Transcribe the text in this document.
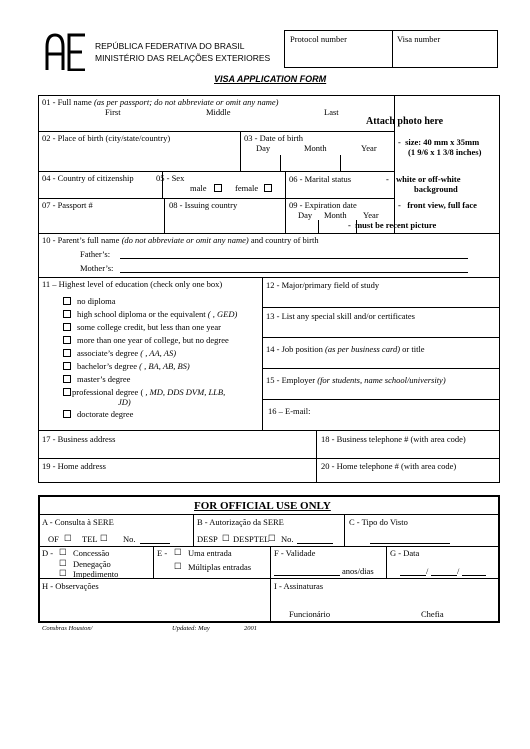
REPÚBLICA FEDERATIVA DO BRASIL
MINISTÉRIO DAS RELAÇÕES EXTERIORES
Protocol number	Visa number
VISA APPLICATION FORM
01 - Full name (as per passport; do not abbreviate or omit any name)
First	Middle	Last
Attach photo here
-  size: 40 mm x 35mm
(1 9/6 x 1 3/8 inches)
- white or off-white
background
-   front view, full face
-  must be recent picture
02 - Place of birth (city/state/country)	03 - Date of birth
Day	Month	Year
04 - Country of citizenship	05 - Sex
male	female
06 - Marital status
07 - Passport #	08 - Issuing country	09 - Expiration date
Day Month Year
10 - Parent’s full name (do not abbreviate or omit any name) and country of birth
Father’s:
Mother’s:
11 – Highest level of education (check only one box)
no diploma
high school diploma or the equivalent ( , GED)
some college credit, but less than one year
more than one year of college, but no degree
associate’s degree ( , AA, AS)
bachelor’s degree ( , BA, AB, BS)
master’s degree
professional degree ( , MD, DDS DVM, LLB,
JD)
doctorate degree
12 - Major/primary field of study
13 - List any special skill and/or certificates
14 - Job position (as per business card) or title
15 - Employer (for students, name school/university)
16 – E-mail:
17 - Business address	18 - Business telephone # (with area code)
19 - Home address	20 - Home telephone # (with area code)
FOR OFFICIAL USE ONLY
A - Consulta à SERE
OF ☐ TEL ☐ No.
B - Autorização da SERE
DESP ☐ DESPTEL
☐ No.
C - Tipo do Visto
D - ☐ Concessão
☐ Denegação
☐ Impedimento
E - ☐ Uma entrada
☐ Múltiplas entradas
F - Validade
anos/dias
G - Data
/	/
H - Observações	I - Assinaturas
Funcionário	Chefia
Consbras Houston/	Updated: May	2001
